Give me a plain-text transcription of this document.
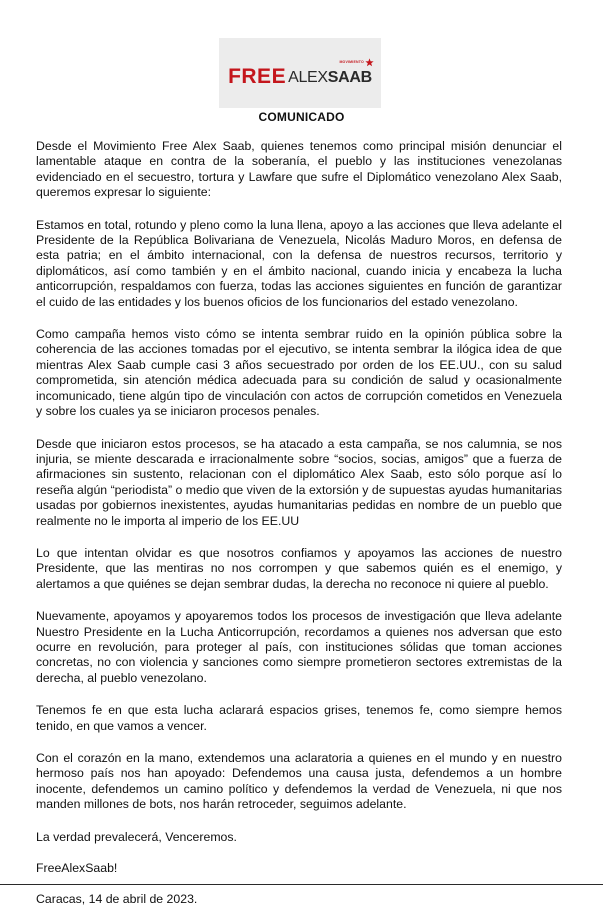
FREE ALEX SAAB
MOVIMIENTO
COMUNICADO

Desde el Movimiento Free Alex Saab, quienes tenemos como principal misión denunciar el lamentable ataque en contra de la soberanía, el pueblo y las instituciones venezolanas evidenciado en el secuestro, tortura y Lawfare que sufre el Diplomático venezolano Alex Saab, queremos expresar lo siguiente:

Estamos en total, rotundo y pleno como la luna llena, apoyo a las acciones que lleva adelante el Presidente de la República Bolivariana de Venezuela, Nicolás Maduro Moros, en defensa de esta patria; en el ámbito internacional, con la defensa de nuestros recursos, territorio y diplomáticos, así como también y en el ámbito nacional, cuando inicia y encabeza la lucha anticorrupción, respaldamos con fuerza, todas las acciones siguientes en función de garantizar el cuido de las entidades y los buenos oficios de los funcionarios del estado venezolano.

Como campaña hemos visto cómo se intenta sembrar ruido en la opinión pública sobre la coherencia de las acciones tomadas por el ejecutivo, se intenta sembrar la ilógica idea de que mientras Alex Saab cumple casi 3 años secuestrado por orden de los EE.UU., con su salud comprometida, sin atención médica adecuada para su condición de salud y ocasionalmente incomunicado, tiene algún tipo de vinculación con actos de corrupción cometidos en Venezuela y sobre los cuales ya se iniciaron procesos penales.

Desde que iniciaron estos procesos, se ha atacado a esta campaña, se nos calumnia, se nos injuria, se miente descarada e irracionalmente sobre “socios, socias, amigos” que a fuerza de afirmaciones sin sustento, relacionan con el diplomático Alex Saab, esto sólo porque así lo reseña algún “periodista” o medio que viven de la extorsión y de supuestas ayudas humanitarias usadas por gobiernos inexistentes, ayudas humanitarias pedidas en nombre de un pueblo que realmente no le importa al imperio de los EE.UU

Lo que intentan olvidar es que nosotros confiamos y apoyamos las acciones de nuestro Presidente, que las mentiras no nos corrompen y que sabemos quién es el enemigo, y alertamos a que quiénes se dejan sembrar dudas, la derecha no reconoce ni quiere al pueblo.

Nuevamente, apoyamos y apoyaremos todos los procesos de investigación que lleva adelante Nuestro Presidente en la Lucha Anticorrupción, recordamos a quienes nos adversan que esto ocurre en revolución, para proteger al país, con instituciones sólidas que toman acciones concretas, no con violencia y sanciones como siempre prometieron sectores extremistas de la derecha, al pueblo venezolano.

Tenemos fe en que esta lucha aclarará espacios grises, tenemos fe, como siempre hemos tenido, en que vamos a vencer.

Con el corazón en la mano, extendemos una aclaratoria a quienes en el mundo y en nuestro hermoso país nos han apoyado: Defendemos una causa justa, defendemos a un hombre inocente, defendemos un camino político y defendemos la verdad de Venezuela, ni que nos manden millones de bots, nos harán retroceder, seguimos adelante.

La verdad prevalecerá, Venceremos.

FreeAlexSaab!

Caracas, 14 de abril de 2023.
